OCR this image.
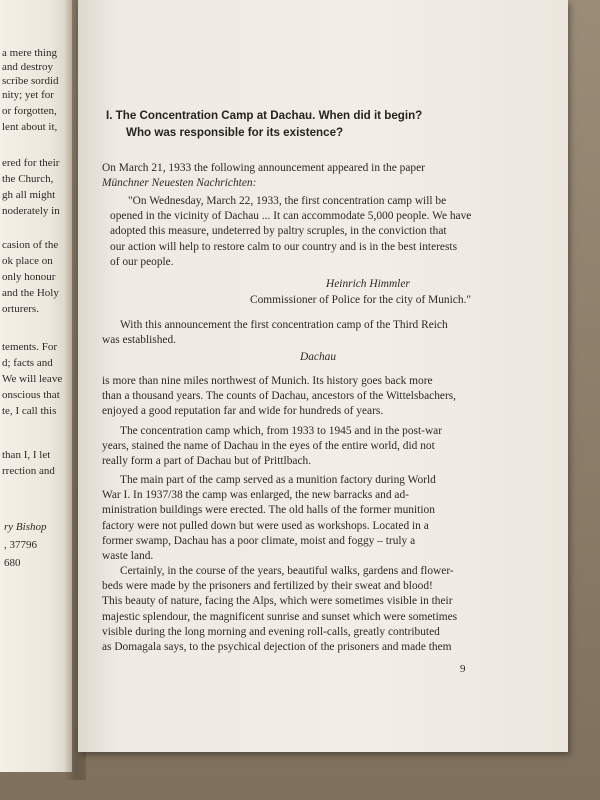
a mere thing
and destroy
scribe sordid
nity; yet for
or forgotten,
lent about it,
ered for their
the Church,
gh all might
noderately in
casion of the
ok place on
only honour
and the Holy
orturers.
tements. For
d; facts and
We will leave
onscious that
te, I call this
than I, I let
rrection and
ry Bishop
, 37796
680
I. The Concentration Camp at Dachau. When did it begin?
Who was responsible for its existence?
On March 21, 1933 the following announcement appeared in the paper
Münchner Neuesten Nachrichten:
"On Wednesday, March 22, 1933, the first concentration camp will be
opened in the vicinity of Dachau ... It can accommodate 5,000 people. We have
adopted this measure, undeterred by paltry scruples, in the conviction that
our action will help to restore calm to our country and is in the best interests
of our people.
Heinrich Himmler
Commissioner of Police for the city of Munich."
With this announcement the first concentration camp of the Third Reich
was established.
Dachau
is more than nine miles northwest of Munich. Its history goes back more
than a thousand years. The counts of Dachau, ancestors of the Wittelsbachers,
enjoyed a good reputation far and wide for hundreds of years.
The concentration camp which, from 1933 to 1945 and in the post-war
years, stained the name of Dachau in the eyes of the entire world, did not
really form a part of Dachau but of Prittlbach.
The main part of the camp served as a munition factory during World
War I. In 1937/38 the camp was enlarged, the new barracks and ad-
ministration buildings were erected. The old halls of the former munition
factory were not pulled down but were used as workshops. Located in a
former swamp, Dachau has a poor climate, moist and foggy – truly a
waste land.
Certainly, in the course of the years, beautiful walks, gardens and flower-
beds were made by the prisoners and fertilized by their sweat and blood!
This beauty of nature, facing the Alps, which were sometimes visible in their
majestic splendour, the magnificent sunrise and sunset which were sometimes
visible during the long morning and evening roll-calls, greatly contributed
as Domagala says, to the psychical dejection of the prisoners and made them
9
